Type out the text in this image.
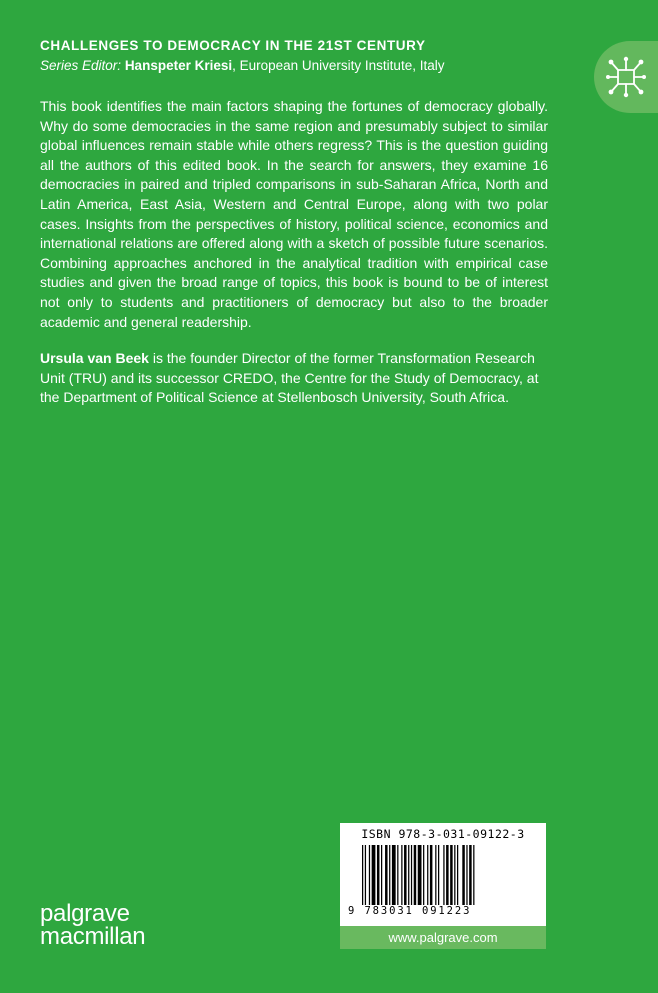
CHALLENGES TO DEMOCRACY IN THE 21ST CENTURY
Series Editor: Hanspeter Kriesi, European University Institute, Italy

This book identifies the main factors shaping the fortunes of democracy globally. Why do some democracies in the same region and presumably subject to similar global influences remain stable while others regress? This is the question guiding all the authors of this edited book. In the search for answers, they examine 16 democracies in paired and tripled comparisons in sub-Saharan Africa, North and Latin America, East Asia, Western and Central Europe, along with two polar cases. Insights from the perspectives of history, political science, economics and international relations are offered along with a sketch of possible future scenarios. Combining approaches anchored in the analytical tradition with empirical case studies and given the broad range of topics, this book is bound to be of interest not only to students and practitioners of democracy but also to the broader academic and general readership.

Ursula van Beek is the founder Director of the former Transformation Research Unit (TRU) and its successor CREDO, the Centre for the Study of Democracy, at the Department of Political Science at Stellenbosch University, South Africa.

ISBN 978-3-031-09122-3
9 783031 091223
www.palgrave.com
palgrave
macmillan
